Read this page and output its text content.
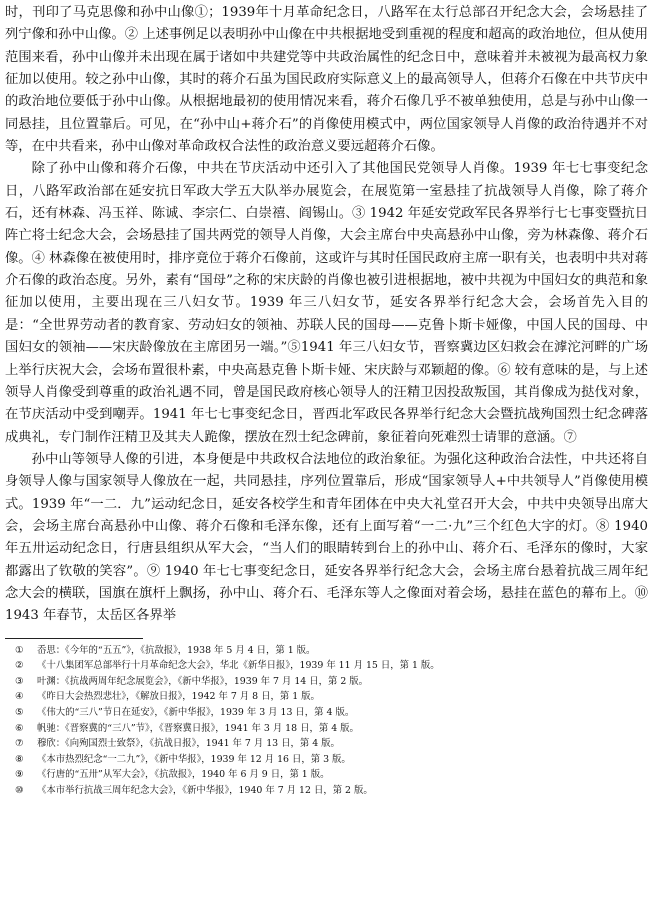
时，刊印了马克思像和孙中山像①；1939年十月革命纪念日，八路军在太行总部召开纪念大会，会场悬挂了列宁像和孙中山像。② 上述事例足以表明孙中山像在中共根据地受到重视的程度和超高的政治地位，但从使用范围来看，孙中山像并未出现在属于诸如中共建党等中共政治属性的纪念日中，意味着并未被视为最高权力象征加以使用。较之孙中山像，其时的蒋介石虽为国民政府实际意义上的最高领导人，但蒋介石像在中共节庆中的政治地位要低于孙中山像。从根据地最初的使用情况来看，蒋介石像几乎不被单独使用，总是与孙中山像一同悬挂，且位置靠后。可见，在“孙中山+蒋介石”的肖像使用模式中，两位国家领导人肖像的政治待遇并不对等，在中共看来，孙中山像对革命政权合法性的政治意义要远超蒋介石像。

除了孙中山像和蒋介石像，中共在节庆活动中还引入了其他国民党领导人肖像。1939 年七七事变纪念日，八路军政治部在延安抗日军政大学五大队举办展览会，在展览第一室悬挂了抗战领导人肖像，除了蒋介石，还有林森、冯玉祥、陈诚、李宗仁、白崇禧、阎锡山。③ 1942 年延安党政军民各界举行七七事变暨抗日阵亡将士纪念大会，会场悬挂了国共两党的领导人肖像，大会主席台中央高悬孙中山像，旁为林森像、蒋介石像。④ 林森像在被使用时，排序竟位于蒋介石像前，这或许与其时任国民政府主席一职有关，也表明中共对蒋介石像的政治态度。另外，素有“国母”之称的宋庆龄的肖像也被引进根据地，被中共视为中国妇女的典范和象征加以使用，主要出现在三八妇女节。1939 年三八妇女节，延安各界举行纪念大会，会场首先入目的是：“全世界劳动者的教育家、劳动妇女的领袖、苏联人民的国母——克鲁卜斯卡娅像，中国人民的国母、中国妇女的领袖——宋庆龄像放在主席团另一端。”⑤1941 年三八妇女节，晋察冀边区妇救会在滹沱河畔的广场上举行庆祝大会，会场布置很朴素，中央高悬克鲁卜斯卡娅、宋庆龄与邓颖超的像。⑥ 较有意味的是，与上述领导人肖像受到尊重的政治礼遇不同，曾是国民政府核心领导人的汪精卫因投敌叛国，其肖像成为挞伐对象，在节庆活动中受到嘲弄。1941 年七七事变纪念日，晋西北军政民各界举行纪念大会暨抗战殉国烈士纪念碑落成典礼，专门制作汪精卫及其夫人跪像，摆放在烈士纪念碑前，象征着向死难烈士请罪的意涵。⑦

孙中山等领导人像的引进，本身便是中共政权合法地位的政治象征。为强化这种政治合法性，中共还将自身领导人像与国家领导人像放在一起，共同悬挂，序列位置靠后，形成“国家领导人+中共领导人”肖像使用模式。1939 年“一二．九”运动纪念日，延安各校学生和青年团体在中央大礼堂召开大会，中共中央领导出席大会，会场主席台高悬孙中山像、蒋介石像和毛泽东像，还有上面写着“一二·九”三个红色大字的灯。⑧ 1940 年五卅运动纪念日，行唐县组织从军大会，“当人们的眼睛转到台上的孙中山、蒋介石、毛泽东的像时，大家都露出了钦敬的笑容”。⑨ 1940 年七七事变纪念日，延安各界举行纪念大会，会场主席台悬着抗战三周年纪念大会的横联，国旗在旗杆上飘扬，孙中山、蒋介石、毛泽东等人之像面对着会场，悬挂在蓝色的幕布上。⑩ 1943 年春节，太岳区各界举

①	岙思：《今年的“五五”》，《抗敌报》，1938 年 5 月 4 日，第 1 版。
②	《十八集团军总部举行十月革命纪念大会》，华北《新华日报》，1939 年 11 月 15 日，第 1 版。
③	叶渊：《抗战两周年纪念展览会》，《新中华报》，1939 年 7 月 14 日，第 2 版。
④	《昨日大会热烈悲壮》，《解放日报》，1942 年 7 月 8 日，第 1 版。
⑤	《伟大的“三八”节日在延安》，《新中华报》，1939 年 3 月 13 日，第 4 版。
⑥	帆驰：《晋察冀的“三八”节》，《晋察冀日报》，1941 年 3 月 18 日，第 4 版。
⑦	穆欣：《向殉国烈士致祭》，《抗战日报》，1941 年 7 月 13 日，第 4 版。
⑧	《本市热烈纪念“一二九”》，《新中华报》，1939 年 12 月 16 日，第 3 版。
⑨	《行唐的“五卅”从军大会》，《抗敌报》，1940 年 6 月 9 日，第 1 版。
⑩	《本市举行抗战三周年纪念大会》，《新中华报》，1940 年 7 月 12 日，第 2 版。
